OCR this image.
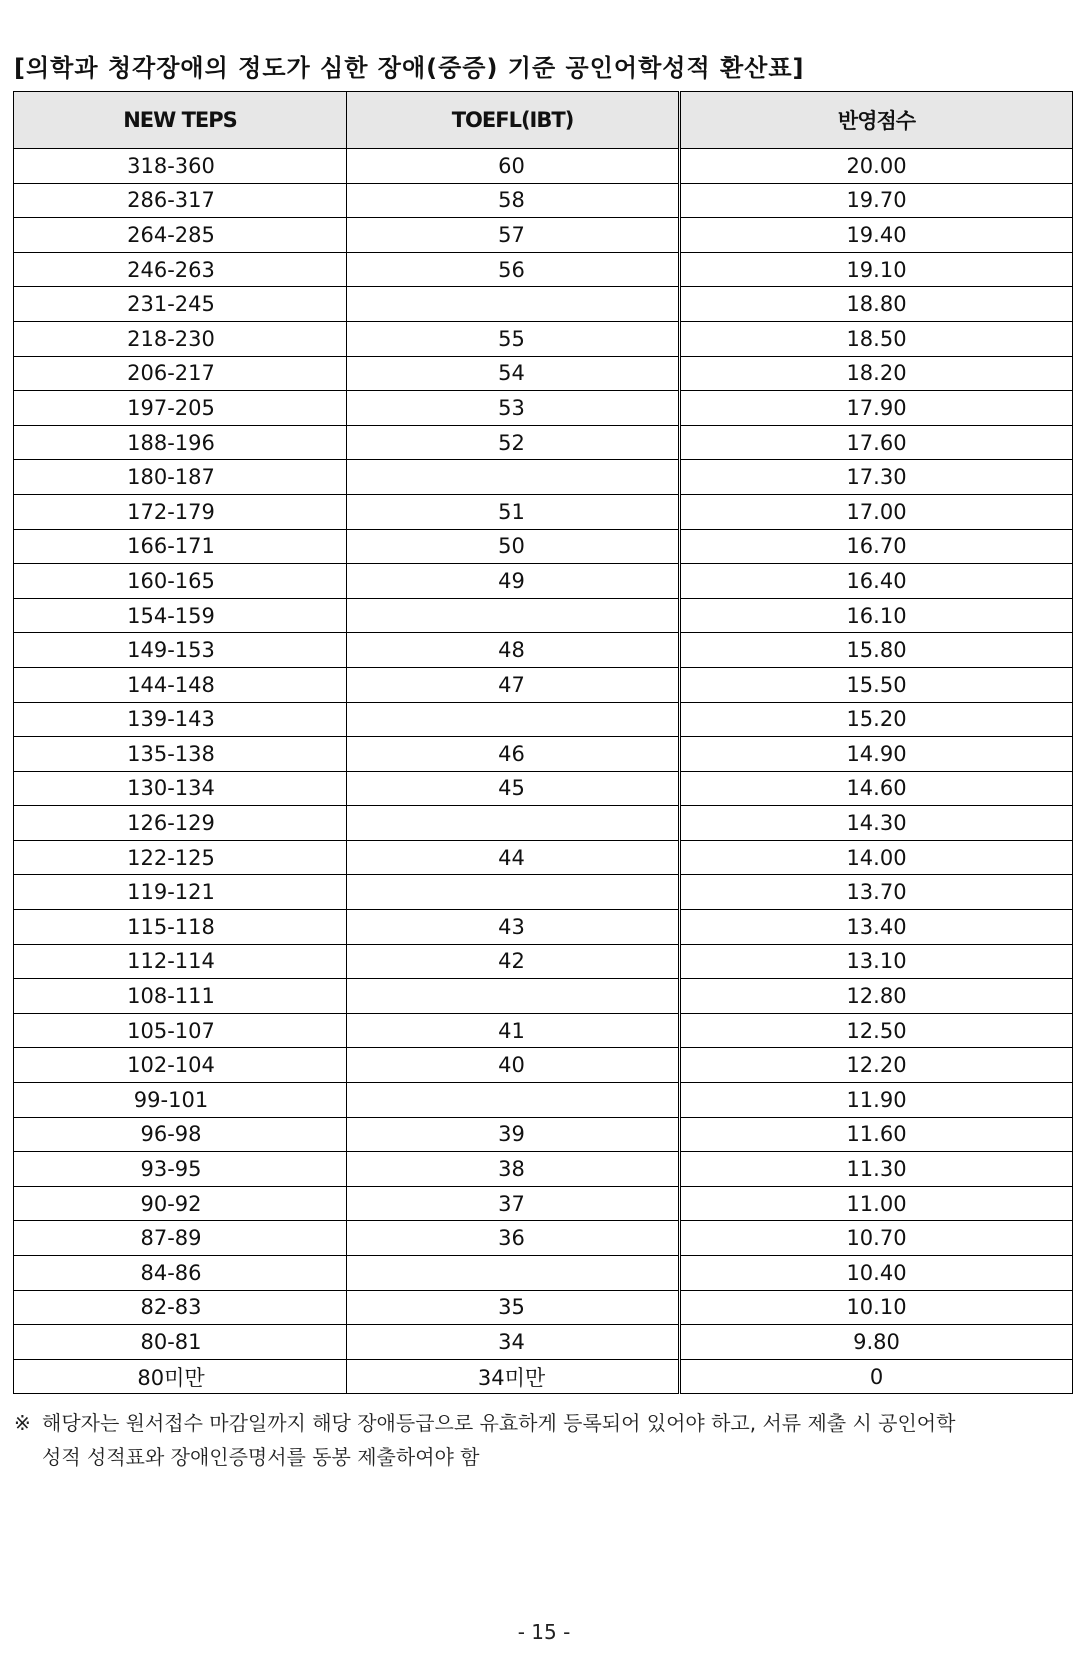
[의학과 청각장애의 정도가 심한 장애(중증) 기준 공인어학성적 환산표]
NEW TEPS	TOEFL(IBT)	반영점수
318-360	60	20.00
286-317	58	19.70
264-285	57	19.40
246-263	56	19.10
231-245		18.80
218-230	55	18.50
206-217	54	18.20
197-205	53	17.90
188-196	52	17.60
180-187		17.30
172-179	51	17.00
166-171	50	16.70
160-165	49	16.40
154-159		16.10
149-153	48	15.80
144-148	47	15.50
139-143		15.20
135-138	46	14.90
130-134	45	14.60
126-129		14.30
122-125	44	14.00
119-121		13.70
115-118	43	13.40
112-114	42	13.10
108-111		12.80
105-107	41	12.50
102-104	40	12.20
99-101		11.90
96-98	39	11.60
93-95	38	11.30
90-92	37	11.00
87-89	36	10.70
84-86		10.40
82-83	35	10.10
80-81	34	9.80
80미만	34미만	0
※ 해당자는 원서접수 마감일까지 해당 장애등급으로 유효하게 등록되어 있어야 하고, 서류 제출 시 공인어학
성적 성적표와 장애인증명서를 동봉 제출하여야 함
- 15 -
